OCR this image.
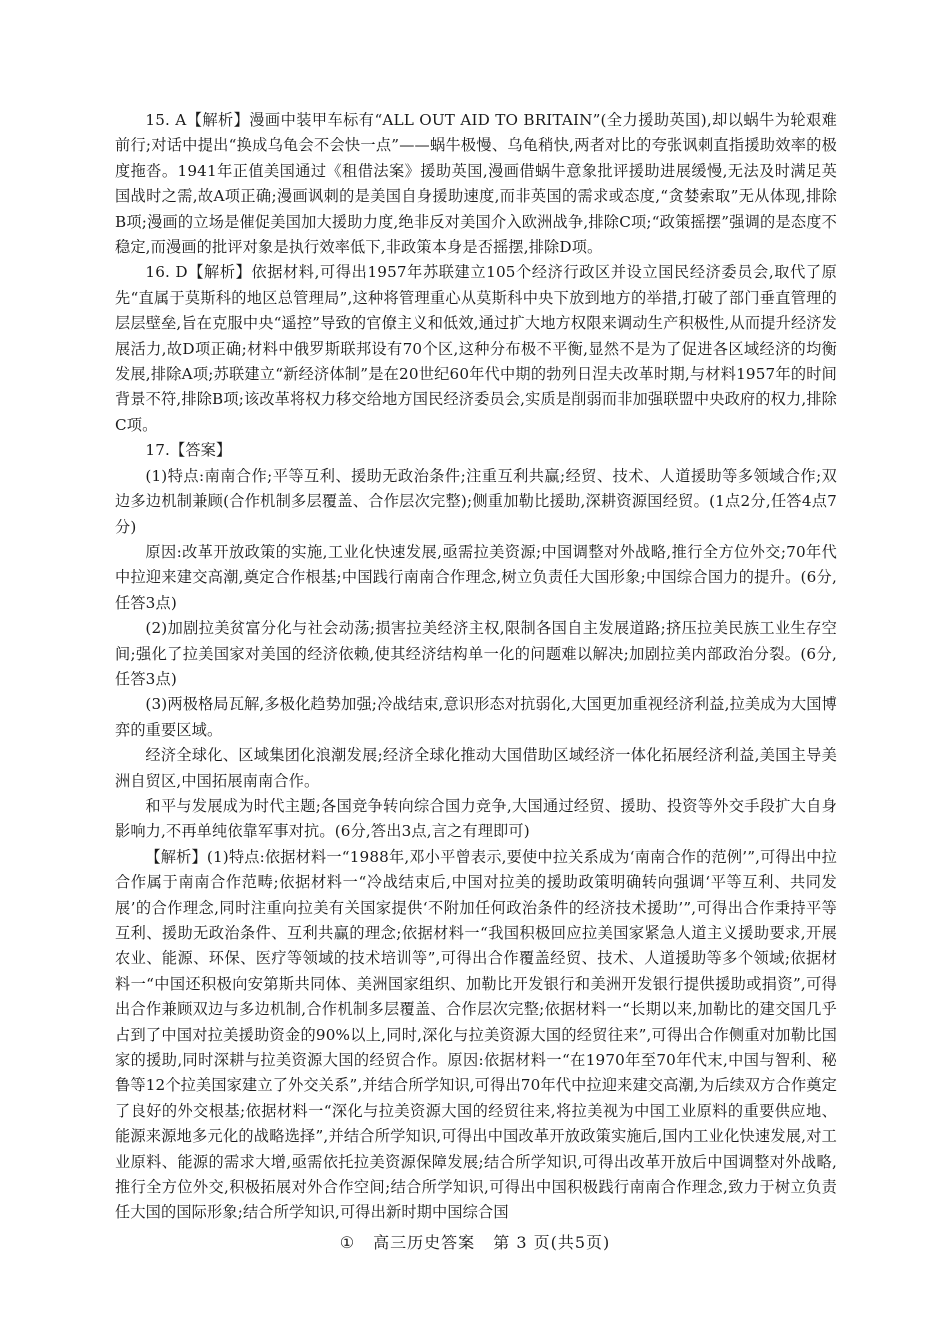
15. A【解析】漫画中装甲车标有“ALL OUT AID TO BRITAIN”(全力援助英国),却以蜗牛为轮艰难前行;对话中提出“换成乌龟会不会快一点”——蜗牛极慢、乌龟稍快,两者对比的夸张讽刺直指援助效率的极度拖沓。1941年正值美国通过《租借法案》援助英国,漫画借蜗牛意象批评援助进展缓慢,无法及时满足英国战时之需,故A项正确;漫画讽刺的是美国自身援助速度,而非英国的需求或态度,“贪婪索取”无从体现,排除B项;漫画的立场是催促美国加大援助力度,绝非反对美国介入欧洲战争,排除C项;“政策摇摆”强调的是态度不稳定,而漫画的批评对象是执行效率低下,非政策本身是否摇摆,排除D项。

16. D【解析】依据材料,可得出1957年苏联建立105个经济行政区并设立国民经济委员会,取代了原先“直属于莫斯科的地区总管理局”,这种将管理重心从莫斯科中央下放到地方的举措,打破了部门垂直管理的层层壁垒,旨在克服中央“遥控”导致的官僚主义和低效,通过扩大地方权限来调动生产积极性,从而提升经济发展活力,故D项正确;材料中俄罗斯联邦设有70个区,这种分布极不平衡,显然不是为了促进各区域经济的均衡发展,排除A项;苏联建立“新经济体制”是在20世纪60年代中期的勃列日涅夫改革时期,与材料1957年的时间背景不符,排除B项;该改革将权力移交给地方国民经济委员会,实质是削弱而非加强联盟中央政府的权力,排除C项。

17.【答案】

(1)特点:南南合作;平等互利、援助无政治条件;注重互利共赢;经贸、技术、人道援助等多领域合作;双边多边机制兼顾(合作机制多层覆盖、合作层次完整);侧重加勒比援助,深耕资源国经贸。(1点2分,任答4点7分)

原因:改革开放政策的实施,工业化快速发展,亟需拉美资源;中国调整对外战略,推行全方位外交;70年代中拉迎来建交高潮,奠定合作根基;中国践行南南合作理念,树立负责任大国形象;中国综合国力的提升。(6分,任答3点)

(2)加剧拉美贫富分化与社会动荡;损害拉美经济主权,限制各国自主发展道路;挤压拉美民族工业生存空间;强化了拉美国家对美国的经济依赖,使其经济结构单一化的问题难以解决;加剧拉美内部政治分裂。(6分,任答3点)

(3)两极格局瓦解,多极化趋势加强;冷战结束,意识形态对抗弱化,大国更加重视经济利益,拉美成为大国博弈的重要区域。

经济全球化、区域集团化浪潮发展;经济全球化推动大国借助区域经济一体化拓展经济利益,美国主导美洲自贸区,中国拓展南南合作。

和平与发展成为时代主题;各国竞争转向综合国力竞争,大国通过经贸、援助、投资等外交手段扩大自身影响力,不再单纯依靠军事对抗。(6分,答出3点,言之有理即可)

【解析】(1)特点:依据材料一“1988年,邓小平曾表示,要使中拉关系成为‘南南合作的范例’”,可得出中拉合作属于南南合作范畴;依据材料一“冷战结束后,中国对拉美的援助政策明确转向强调‘平等互利、共同发展’的合作理念,同时注重向拉美有关国家提供‘不附加任何政治条件的经济技术援助’”,可得出合作秉持平等互利、援助无政治条件、互利共赢的理念;依据材料一“我国积极回应拉美国家紧急人道主义援助要求,开展农业、能源、环保、医疗等领域的技术培训等”,可得出合作覆盖经贸、技术、人道援助等多个领域;依据材料一“中国还积极向安第斯共同体、美洲国家组织、加勒比开发银行和美洲开发银行提供援助或捐资”,可得出合作兼顾双边与多边机制,合作机制多层覆盖、合作层次完整;依据材料一“长期以来,加勒比的建交国几乎占到了中国对拉美援助资金的90%以上,同时,深化与拉美资源大国的经贸往来”,可得出合作侧重对加勒比国家的援助,同时深耕与拉美资源大国的经贸合作。原因:依据材料一“在1970年至70年代末,中国与智利、秘鲁等12个拉美国家建立了外交关系”,并结合所学知识,可得出70年代中拉迎来建交高潮,为后续双方合作奠定了良好的外交根基;依据材料一“深化与拉美资源大国的经贸往来,将拉美视为中国工业原料的重要供应地、能源来源地多元化的战略选择”,并结合所学知识,可得出中国改革开放政策实施后,国内工业化快速发展,对工业原料、能源的需求大增,亟需依托拉美资源保障发展;结合所学知识,可得出改革开放后中国调整对外战略,推行全方位外交,积极拓展对外合作空间;结合所学知识,可得出中国积极践行南南合作理念,致力于树立负责任大国的国际形象;结合所学知识,可得出新时期中国综合国

① 高三历史答案 第 3 页(共5页)
